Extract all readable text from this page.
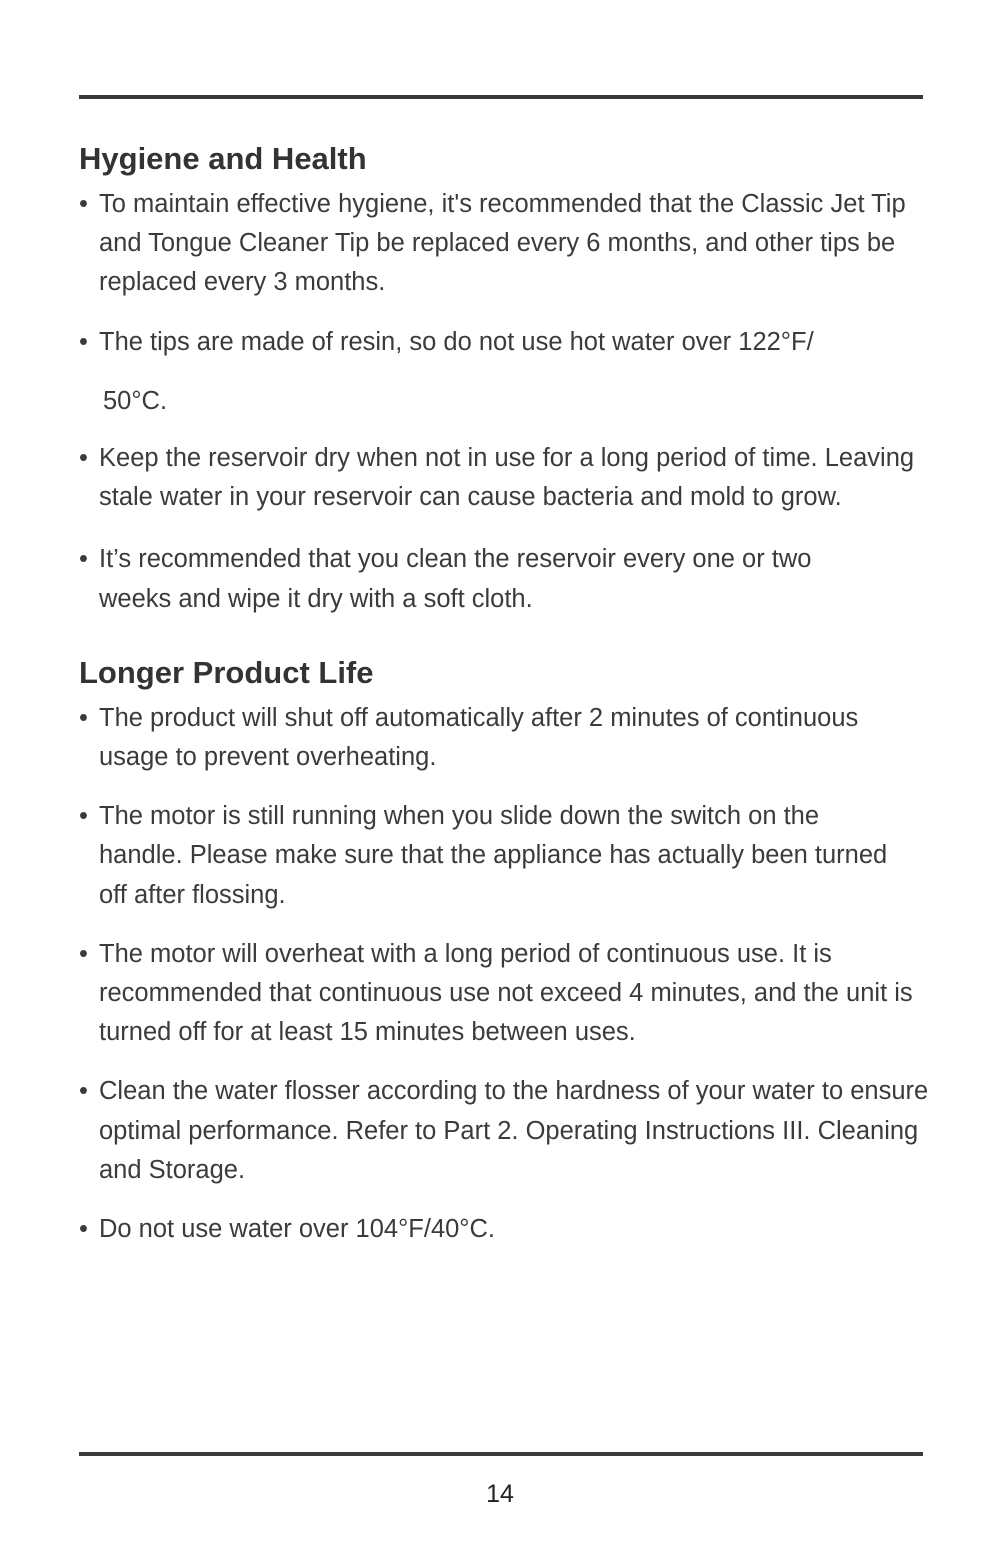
Hygiene and Health
• To maintain effective hygiene, it's recommended that the Classic Jet Tip and Tongue Cleaner Tip be replaced every 6 months, and other tips be replaced every 3 months.
• The tips are made of resin, so do not use hot water over 122°F/
50°C.
• Keep the reservoir dry when not in use for a long period of time. Leaving stale water in your reservoir can cause bacteria and mold to grow.
• It’s recommended that you clean the reservoir every one or two weeks and wipe it dry with a soft cloth.
Longer Product Life
• The product will shut off automatically after 2 minutes of continuous usage to prevent overheating.
• The motor is still running when you slide down the switch on the handle. Please make sure that the appliance has actually been turned off after flossing.
• The motor will overheat with a long period of continuous use. It is recommended that continuous use not exceed 4 minutes, and the unit is turned off for at least 15 minutes between uses.
• Clean the water flosser according to the hardness of your water to ensure optimal performance. Refer to Part 2. Operating Instructions III. Cleaning and Storage.
• Do not use water over 104°F/40°C.
14
